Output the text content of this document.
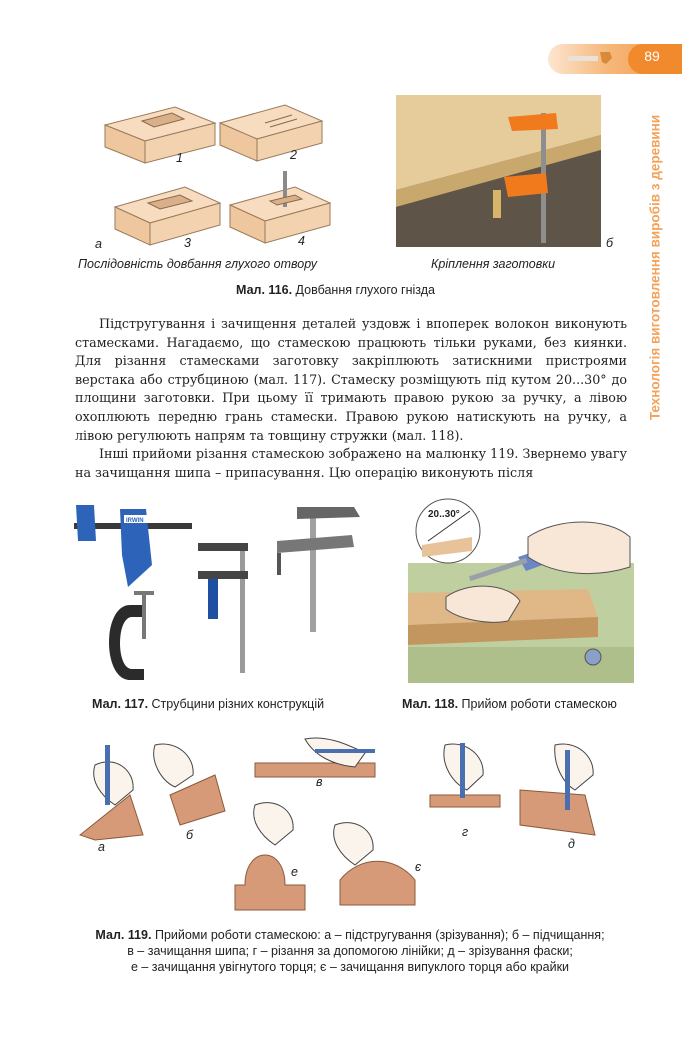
89
Технологія виготовлення виробів з деревини
1	2
3	4
а
Послідовність довбання глухого отвору
б
Кріплення заготовки
Мал. 116. Довбання глухого гнізда

Підстругування і зачищення деталей уздовж і впоперек волокон виконують стамесками. Нагадаємо, що стамескою працюють тільки руками, без киянки. Для різання стамесками заготовку закріплюють затискними пристроями верстака або струбциною (мал. 117). Стамеску розміщують під кутом 20...30° до площини заготовки. При цьому її тримають правою рукою за ручку, а лівою охоплюють передню грань стамески. Правою рукою натискують на ручку, а лівою регулюють напрям та товщину стружки (мал. 118).

Інші прийоми різання стамескою зображено на малюнку 119. Звернемо увагу на зачищання шипа – припасування. Цю операцію виконують після

IRWIN
Мал. 117. Струбцини різних конструкцій
20..30°
Мал. 118. Прийом роботи стамескою
а
б
в
г
д
е	є
Мал. 119. Прийоми роботи стамескою: а – підстругування (зрізування); б – підчищання;
в – зачищання шипа; г – різання за допомогою лінійки; д – зрізування фаски;
е – зачищання увігнутого торця; є – зачищання випуклого торця або крайки
